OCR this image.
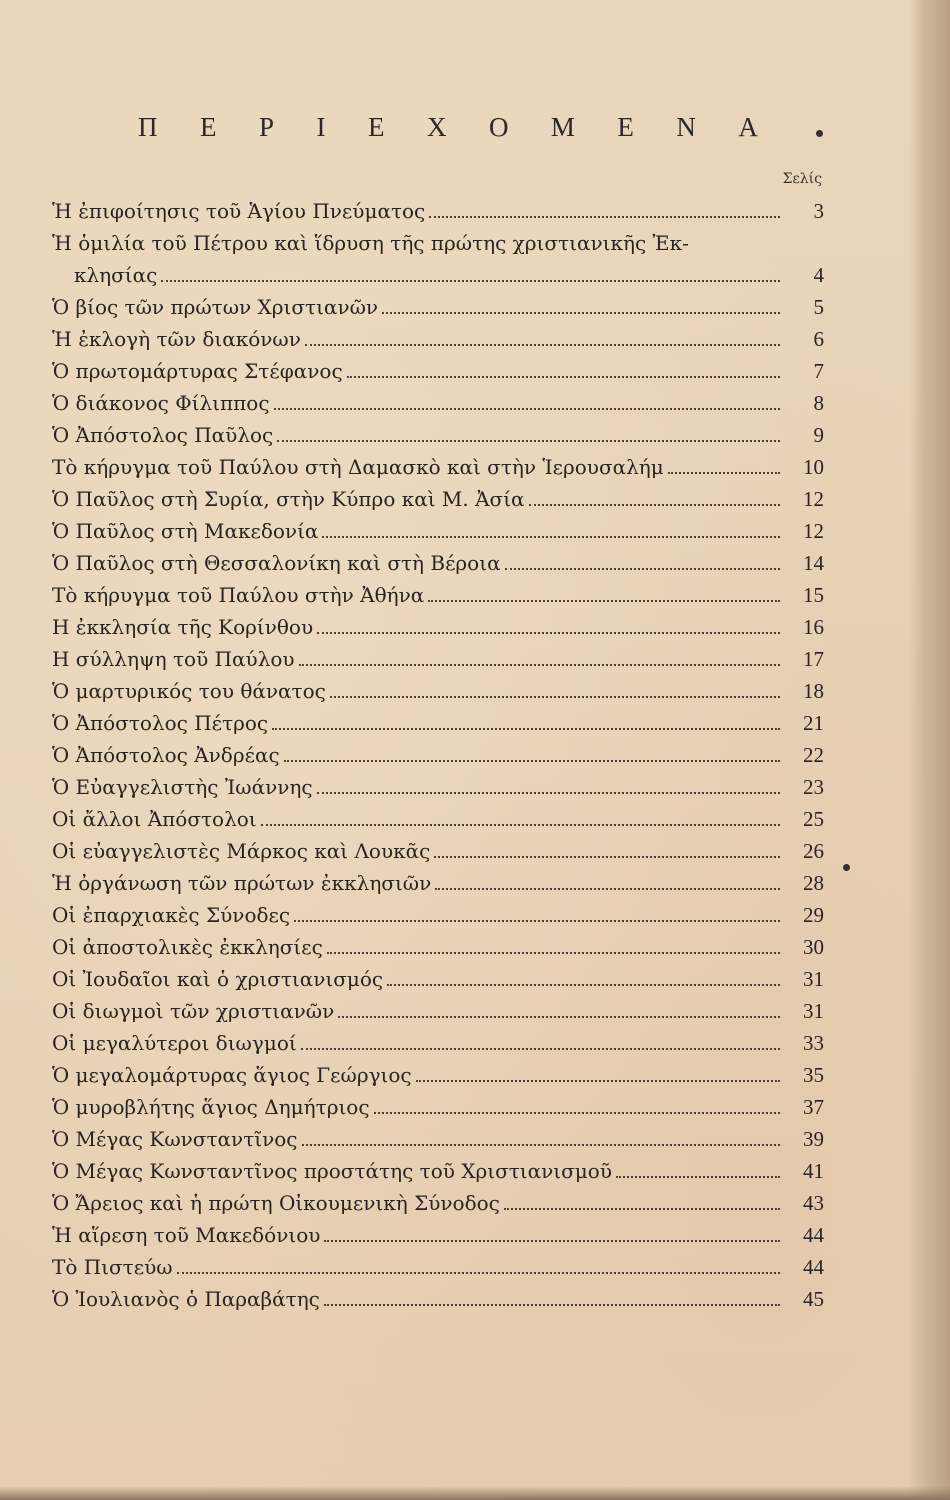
Π Ε Ρ Ι Ε Χ Ο Μ Ε Ν Α
Σελίς
Ἡ ἐπιφοίτησις τοῦ Ἁγίου Πνεύματος	3
Ἡ ὁμιλία τοῦ Πέτρου καὶ ἵδρυση τῆς πρώτης χριστιανικῆς Ἐκ-
κλησίας	4
Ὁ βίος τῶν πρώτων Χριστιανῶν	5
Ἡ ἐκλογὴ τῶν διακόνων	6
Ὁ πρωτομάρτυρας Στέφανος	7
Ὁ διάκονος Φίλιππος	8
Ὁ Ἀπόστολος Παῦλος	9
Τὸ κήρυγμα τοῦ Παύλου στὴ Δαμασκὸ καὶ στὴν Ἱερουσαλήμ	10
Ὁ Παῦλος στὴ Συρία, στὴν Κύπρο καὶ Μ. Ἀσία	12
Ὁ Παῦλος στὴ Μακεδονία	12
Ὁ Παῦλος στὴ Θεσσαλονίκη καὶ στὴ Βέροια	14
Τὸ κήρυγμα τοῦ Παύλου στὴν Ἀθήνα	15
Η ἐκκλησία τῆς Κορίνθου	16
Η σύλληψη τοῦ Παύλου	17
Ὁ μαρτυρικός του θάνατος	18
Ὁ Ἀπόστολος Πέτρος	21
Ὁ Ἀπόστολος Ἀνδρέας	22
Ὁ Εὐαγγελιστὴς Ἰωάννης	23
Οἱ ἄλλοι Ἀπόστολοι	25
Οἱ εὐαγγελιστὲς Μάρκος καὶ Λουκᾶς	26
Ἡ ὀργάνωση τῶν πρώτων ἐκκλησιῶν	28
Οἱ ἐπαρχιακὲς Σύνοδες	29
Οἱ ἀποστολικὲς ἐκκλησίες	30
Οἱ Ἰουδαῖοι καὶ ὁ χριστιανισμός	31
Οἱ διωγμοὶ τῶν χριστιανῶν	31
Οἱ μεγαλύτεροι διωγμοί	33
Ὁ μεγαλομάρτυρας ἅγιος Γεώργιος	35
Ὁ μυροβλήτης ἅγιος Δημήτριος	37
Ὁ Μέγας Κωνσταντῖνος	39
Ὁ Μέγας Κωνσταντῖνος προστάτης τοῦ Χριστιανισμοῦ	41
Ὁ Ἄρειος καὶ ἡ πρώτη Οἰκουμενικὴ Σύνοδος	43
Ἡ αἵρεση τοῦ Μακεδόνιου	44
Τὸ Πιστεύω	44
Ὁ Ἰουλιανὸς ὁ Παραβάτης	45
